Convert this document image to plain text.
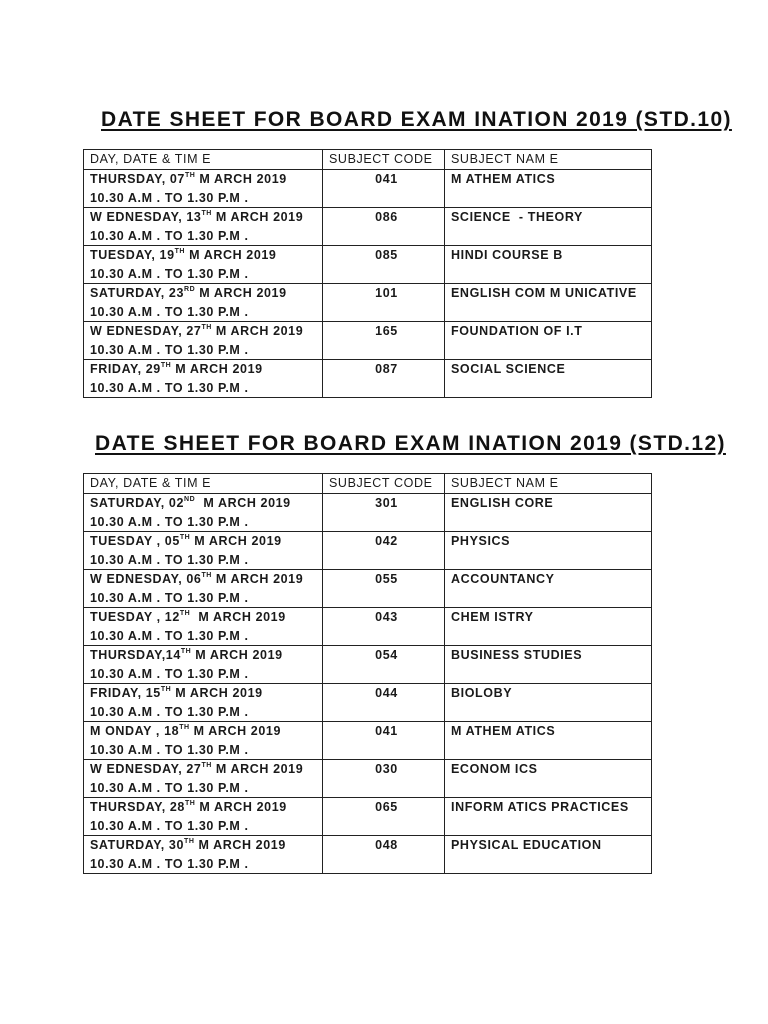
DATE SHEET FOR BOARD EXAM INATION 2019 (STD.10)
DAY, DATE & TIM E	SUBJECT CODE	SUBJECT NAM E

THURSDAY, 07TH M ARCH 2019
10.30 A.M . TO 1.30 P.M .	041	M ATHEM ATICS

W EDNESDAY, 13TH M ARCH 2019
10.30 A.M . TO 1.30 P.M .	086	SCIENCE  - THEORY

TUESDAY, 19TH M ARCH 2019
10.30 A.M . TO 1.30 P.M .	085	HINDI COURSE B

SATURDAY, 23RD M ARCH 2019
10.30 A.M . TO 1.30 P.M .	101	ENGLISH COM M UNICATIVE

W EDNESDAY, 27TH M ARCH 2019
10.30 A.M . TO 1.30 P.M .	165	FOUNDATION OF I.T

FRIDAY, 29TH M ARCH 2019
10.30 A.M . TO 1.30 P.M .	087	SOCIAL SCIENCE
DATE SHEET FOR BOARD EXAM INATION 2019 (STD.12)
DAY, DATE & TIM E	SUBJECT CODE	SUBJECT NAM E

SATURDAY, 02ND  M ARCH 2019
10.30 A.M . TO 1.30 P.M .	301	ENGLISH CORE

TUESDAY , 05TH M ARCH 2019
10.30 A.M . TO 1.30 P.M .	042	PHYSICS

W EDNESDAY, 06TH M ARCH 2019
10.30 A.M . TO 1.30 P.M .	055	ACCOUNTANCY

TUESDAY , 12TH  M ARCH 2019
10.30 A.M . TO 1.30 P.M .	043	CHEM ISTRY

THURSDAY,14TH M ARCH 2019
10.30 A.M . TO 1.30 P.M .	054	BUSINESS STUDIES

FRIDAY, 15TH M ARCH 2019
10.30 A.M . TO 1.30 P.M .	044	BIOLOBY

M ONDAY , 18TH M ARCH 2019
10.30 A.M . TO 1.30 P.M .	041	M ATHEM ATICS

W EDNESDAY, 27TH M ARCH 2019
10.30 A.M . TO 1.30 P.M .	030	ECONOM ICS

THURSDAY, 28TH M ARCH 2019
10.30 A.M . TO 1.30 P.M .	065	INFORM ATICS PRACTICES

SATURDAY, 30TH M ARCH 2019
10.30 A.M . TO 1.30 P.M .	048	PHYSICAL EDUCATION
